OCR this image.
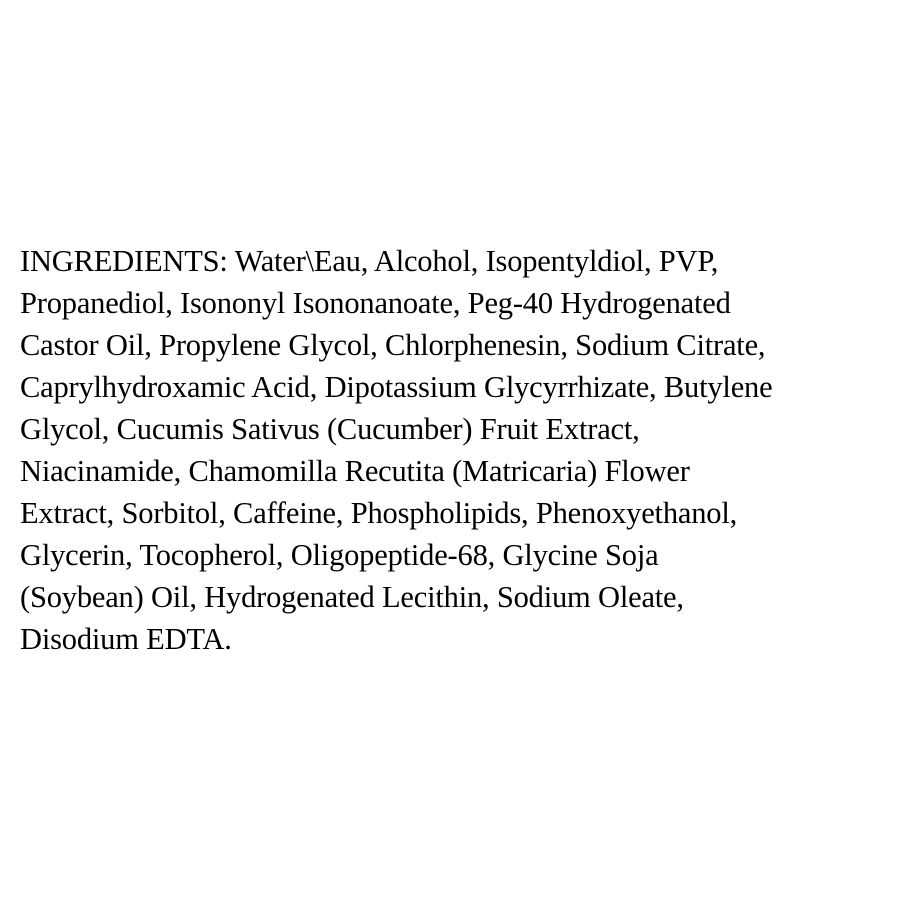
INGREDIENTS: Water\Eau, Alcohol, Isopentyldiol, PVP,
Propanediol, Isononyl Isononanoate, Peg-40 Hydrogenated
Castor Oil, Propylene Glycol, Chlorphenesin, Sodium Citrate,
Caprylhydroxamic Acid, Dipotassium Glycyrrhizate, Butylene
Glycol, Cucumis Sativus (Cucumber) Fruit Extract,
Niacinamide, Chamomilla Recutita (Matricaria) Flower
Extract, Sorbitol, Caffeine, Phospholipids, Phenoxyethanol,
Glycerin, Tocopherol, Oligopeptide-68, Glycine Soja
(Soybean) Oil, Hydrogenated Lecithin, Sodium Oleate,
Disodium EDTA.
